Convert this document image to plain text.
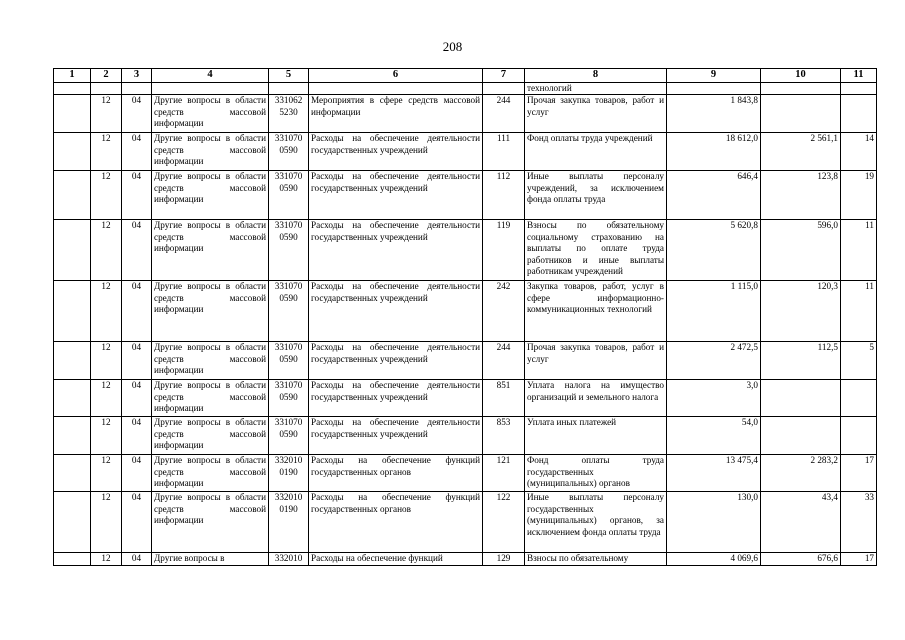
208
1	2	3	4	5	6	7	8	9	10	11
							технологий			
	12	04	Другие вопросы в области средств массовой информации	331062 5230	Мероприятия в сфере средств массовой информации	244	Прочая закупка товаров, работ и услуг	1 843,8		
	12	04	Другие вопросы в области средств массовой информации	331070 0590	Расходы на обеспечение деятельности государственных учреждений	111	Фонд оплаты труда учреждений	18 612,0	2 561,1	14
	12	04	Другие вопросы в области средств массовой информации	331070 0590	Расходы на обеспечение деятельности государственных учреждений	112	Иные выплаты персоналу учреждений, за исключением фонда оплаты труда	646,4	123,8	19
	12	04	Другие вопросы в области средств массовой информации	331070 0590	Расходы на обеспечение деятельности государственных учреждений	119	Взносы по обязательному социальному страхованию на выплаты по оплате труда работников и иные выплаты работникам учреждений	5 620,8	596,0	11
	12	04	Другие вопросы в области средств массовой информации	331070 0590	Расходы на обеспечение деятельности государственных учреждений	242	Закупка товаров, работ, услуг в сфере информационно-коммуникационных технологий	1 115,0	120,3	11
	12	04	Другие вопросы в области средств массовой информации	331070 0590	Расходы на обеспечение деятельности государственных учреждений	244	Прочая закупка товаров, работ и услуг	2 472,5	112,5	5
	12	04	Другие вопросы в области средств массовой информации	331070 0590	Расходы на обеспечение деятельности государственных учреждений	851	Уплата налога на имущество организаций и земельного налога	3,0		
	12	04	Другие вопросы в области средств массовой информации	331070 0590	Расходы на обеспечение деятельности государственных учреждений	853	Уплата иных платежей	54,0		
	12	04	Другие вопросы в области средств массовой информации	332010 0190	Расходы на обеспечение функций государственных органов	121	Фонд оплаты труда государственных (муниципальных) органов	13 475,4	2 283,2	17
	12	04	Другие вопросы в области средств массовой информации	332010 0190	Расходы на обеспечение функций государственных органов	122	Иные выплаты персоналу государственных (муниципальных) органов, за исключением фонда оплаты труда	130,0	43,4	33
	12	04	Другие вопросы в	332010	Расходы на обеспечение функций	129	Взносы по обязательному	4 069,6	676,6	17
